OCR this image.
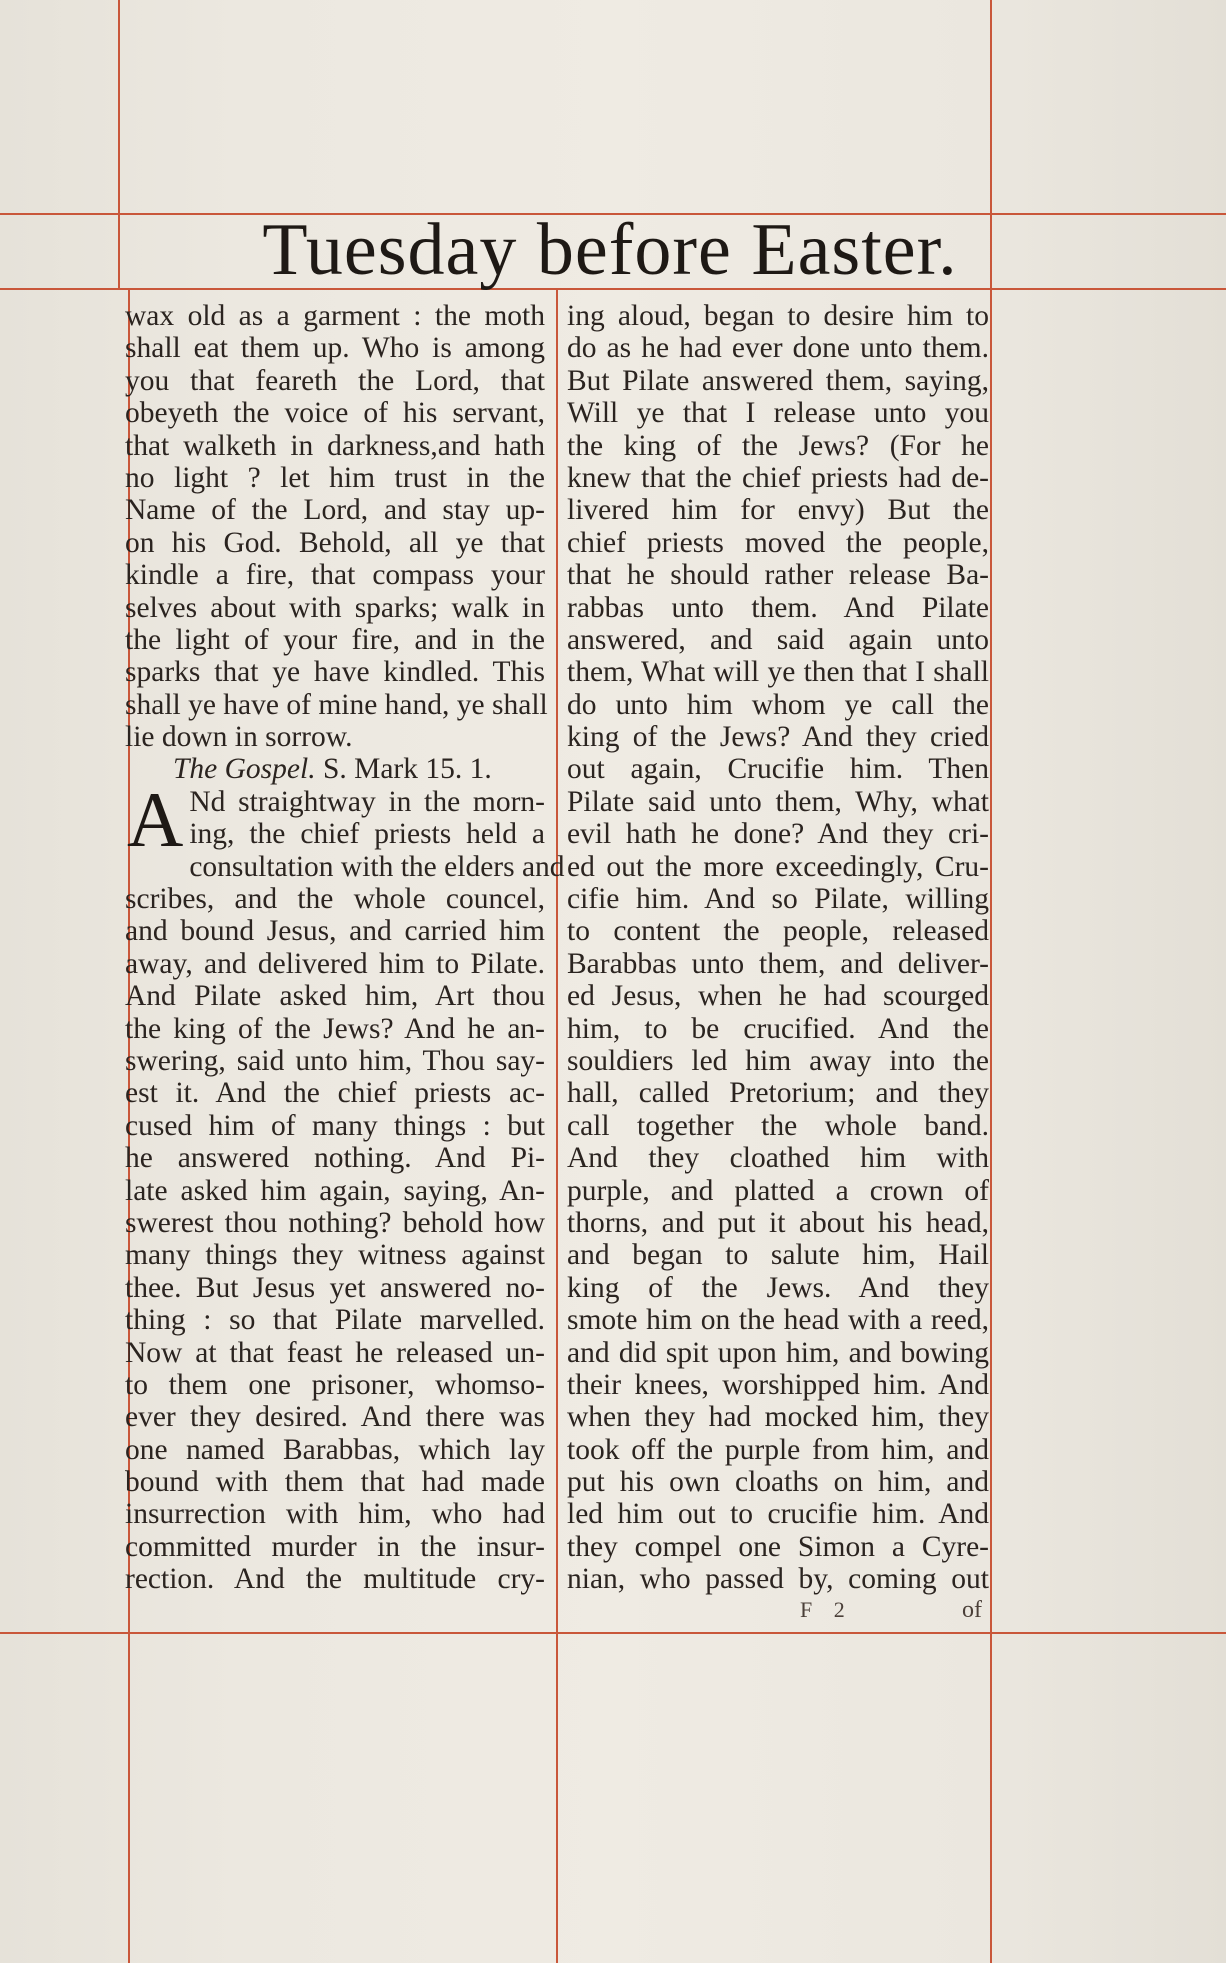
Tuesday before Easter.
wax old as a garment : the moth
shall eat them up. Who is among
you that feareth the Lord, that
obeyeth the voice of his servant,
that walketh in darkness,and hath
no light ? let him trust in the
Name of the Lord, and stay up-
on his God. Behold, all ye that
kindle a fire, that compass your
selves about with sparks; walk in
the light of your fire, and in the
sparks that ye have kindled. This
shall ye have of mine hand, ye shall
lie down in sorrow.
The Gospel. S. Mark 15. 1.
A Nd straightway in the morn-
ing, the chief priests held a
consultation with the elders and
scribes, and the whole councel,
and bound Jesus, and carried him
away, and delivered him to Pilate.
And Pilate asked him, Art thou
the king of the Jews? And he an-
swering, said unto him, Thou say-
est it. And the chief priests ac-
cused him of many things : but
he answered nothing. And Pi-
late asked him again, saying, An-
swerest thou nothing? behold how
many things they witness against
thee. But Jesus yet answered no-
thing : so that Pilate marvelled.
Now at that feast he released un-
to them one prisoner, whomso-
ever they desired. And there was
one named Barabbas, which lay
bound with them that had made
insurrection with him, who had
committed murder in the insur-
rection. And the multitude cry-
ing aloud, began to desire him to
do as he had ever done unto them.
But Pilate answered them, saying,
Will ye that I release unto you
the king of the Jews? (For he
knew that the chief priests had de-
livered him for envy) But the
chief priests moved the people,
that he should rather release Ba-
rabbas unto them. And Pilate
answered, and said again unto
them, What will ye then that I shall
do unto him whom ye call the
king of the Jews? And they cried
out again, Crucifie him. Then
Pilate said unto them, Why, what
evil hath he done? And they cri-
ed out the more exceedingly, Cru-
cifie him. And so Pilate, willing
to content the people, released
Barabbas unto them, and deliver-
ed Jesus, when he had scourged
him, to be crucified. And the
souldiers led him away into the
hall, called Pretorium; and they
call together the whole band.
And they cloathed him with
purple, and platted a crown of
thorns, and put it about his head,
and began to salute him, Hail
king of the Jews. And they
smote him on the head with a reed,
and did spit upon him, and bowing
their knees, worshipped him. And
when they had mocked him, they
took off the purple from him, and
put his own cloaths on him, and
led him out to crucifie him. And
they compel one Simon a Cyre-
nian, who passed by, coming out
F 2	of
